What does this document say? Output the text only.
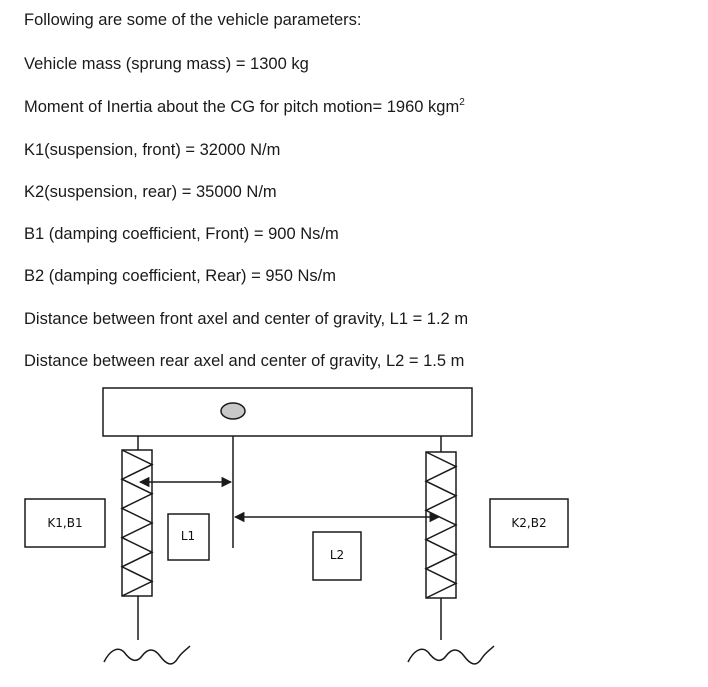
Following are some of the vehicle parameters:
Vehicle mass (sprung mass) = 1300 kg
Moment of Inertia about the CG for pitch motion= 1960 kgm$^2$
K1(suspension, front) = 32000 N/m
K2(suspension, rear) = 35000 N/m
B1 (damping coefficient, Front) = 900 Ns/m
B2 (damping coefficient, Rear) = 950 Ns/m
Distance between front axel and center of gravity, L1 = 1.2 m
Distance between rear axel and center of gravity, L2 = 1.5 m
K1,B1	K2,B2
L1
L2
